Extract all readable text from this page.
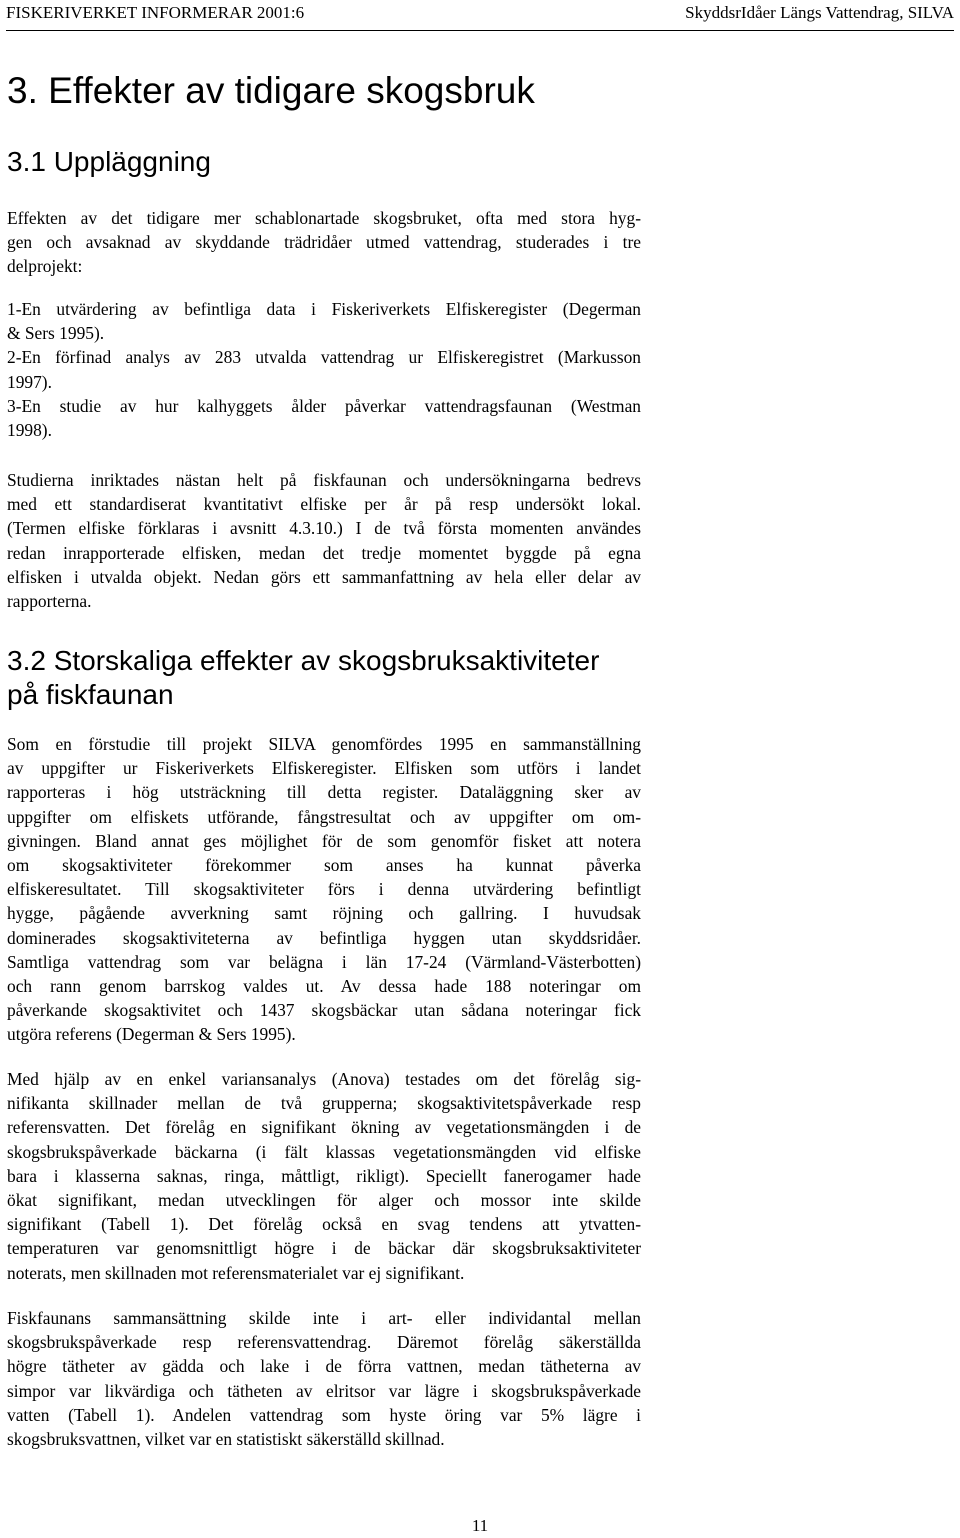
FISKERIVERKET INFORMERAR 2001:6	SkyddsrIdåer Längs Vattendrag, SILVA
3. Effekter av tidigare skogsbruk
3.1 Uppläggning
Effekten av det tidigare mer schablonartade skogsbruket, ofta med stora hyg-
gen och avsaknad av skyddande trädridåer utmed vattendrag, studerades i tre
delprojekt:
1-En utvärdering av befintliga data i Fiskeriverkets Elfiskeregister (Degerman
& Sers 1995).
2-En förfinad analys av 283 utvalda vattendrag ur Elfiskeregistret (Markusson
1997).
3-En studie av hur kalhyggets ålder påverkar vattendragsfaunan (Westman
1998).
Studierna inriktades nästan helt på fiskfaunan och undersökningarna bedrevs
med ett standardiserat kvantitativt elfiske per år på resp undersökt lokal.
(Termen elfiske förklaras i avsnitt 4.3.10.) I de två första momenten användes
redan inrapporterade elfisken, medan det tredje momentet byggde på egna
elfisken i utvalda objekt. Nedan görs ett sammanfattning av hela eller delar av
rapporterna.
3.2 Storskaliga effekter av skogsbruksaktiviteter
på fiskfaunan
Som en förstudie till projekt SILVA genomfördes 1995 en sammanställning
av uppgifter ur Fiskeriverkets Elfiskeregister. Elfisken som utförs i landet
rapporteras i hög utsträckning till detta register. Dataläggning sker av
uppgifter om elfiskets utförande, fångstresultat och av uppgifter om om-
givningen. Bland annat ges möjlighet för de som genomför fisket att notera
om skogsaktiviteter förekommer som anses ha kunnat påverka
elfiskeresultatet. Till skogsaktiviteter förs i denna utvärdering befintligt
hygge, pågående avverkning samt röjning och gallring. I huvudsak
dominerades skogsaktiviteterna av befintliga hyggen utan skyddsridåer.
Samtliga vattendrag som var belägna i län 17-24 (Värmland-Västerbotten)
och rann genom barrskog valdes ut. Av dessa hade 188 noteringar om
påverkande skogsaktivitet och 1437 skogsbäckar utan sådana noteringar fick
utgöra referens (Degerman & Sers 1995).
Med hjälp av en enkel variansanalys (Anova) testades om det förelåg sig-
nifikanta skillnader mellan de två grupperna; skogsaktivitetspåverkade resp
referensvatten. Det förelåg en signifikant ökning av vegetationsmängden i de
skogsbrukspåverkade bäckarna (i fält klassas vegetationsmängden vid elfiske
bara i klasserna saknas, ringa, måttligt, rikligt). Speciellt fanerogamer hade
ökat signifikant, medan utvecklingen för alger och mossor inte skilde
signifikant (Tabell 1). Det förelåg också en svag tendens att ytvatten-
temperaturen var genomsnittligt högre i de bäckar där skogsbruksaktiviteter
noterats, men skillnaden mot referensmaterialet var ej signifikant.
Fiskfaunans sammansättning skilde inte i art- eller individantal mellan
skogsbrukspåverkade resp referensvattendrag. Däremot förelåg säkerställda
högre tätheter av gädda och lake i de förra vattnen, medan tätheterna av
simpor var likvärdiga och tätheten av elritsor var lägre i skogsbrukspåverkade
vatten (Tabell 1). Andelen vattendrag som hyste öring var 5% lägre i
skogsbruksvattnen, vilket var en statistiskt säkerställd skillnad.
11
